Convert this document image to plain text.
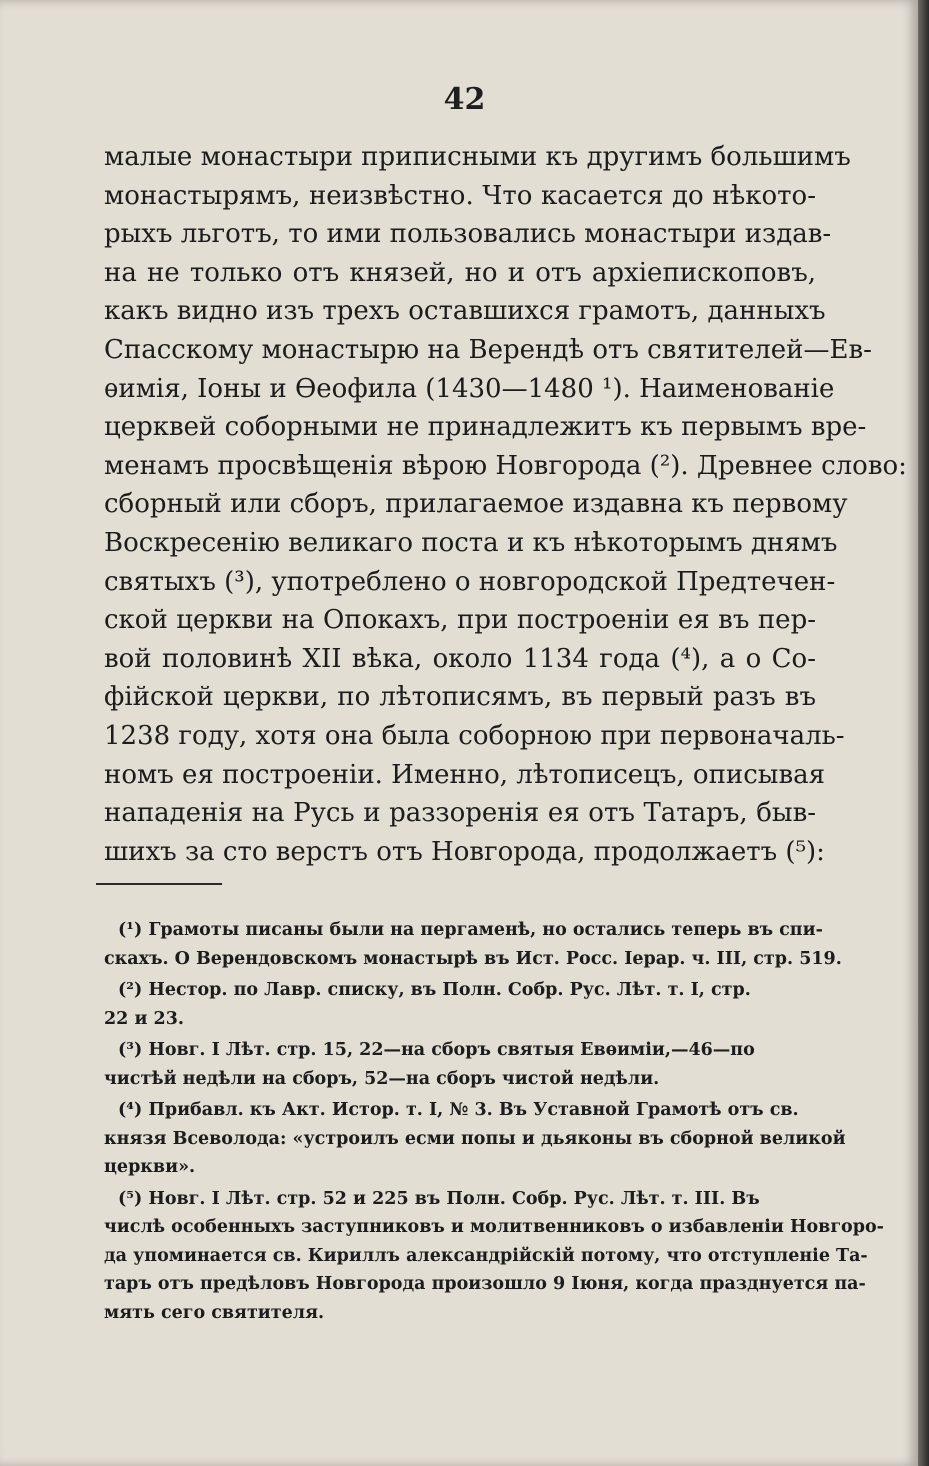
42
малые монастыри приписными къ другимъ большимъ
монастырямъ, неизвѣстно. Что касается до нѣкото-
рыхъ льготъ, то ими пользовались монастыри издав-
на не только отъ князей, но и отъ архіепископовъ,
какъ видно изъ трехъ оставшихся грамотъ, данныхъ
Спасскому монастырю на Верендѣ отъ святителей—Ев-
ѳимія, Іоны и Ѳеофила (1430—1480 ¹). Наименованіе
церквей соборными не принадлежитъ къ первымъ вре-
менамъ просвѣщенія вѣрою Новгорода (²). Древнее слово:
сборный или сборъ, прилагаемое издавна къ первому
Воскресенію великаго поста и къ нѣкоторымъ днямъ
святыхъ (³), употреблено о новгородской Предтечен-
ской церкви на Опокахъ, при построеніи ея въ пер-
вой половинѣ XII вѣка, около 1134 года (⁴), а о Со-
фійской церкви, по лѣтописямъ, въ первый разъ въ
1238 году, хотя она была соборною при первоначаль-
номъ ея построеніи. Именно, лѣтописецъ, описывая
нападенія на Русь и раззоренія ея отъ Татаръ, быв-
шихъ за сто верстъ отъ Новгорода, продолжаетъ (⁵):
(¹) Грамоты писаны были на пергаменѣ, но остались теперь въ спи-
скахъ. О Верендовскомъ монастырѣ въ Ист. Росс. Іерар. ч. III, стр. 519.
(²) Нестор. по Лавр. списку, въ Полн. Собр. Рус. Лѣт. т. I, стр.
22 и 23.
(³) Новг. I Лѣт. стр. 15, 22—на сборъ святыя Евѳиміи,—46—по
чистѣй недѣли на сборъ, 52—на сборъ чистой недѣли.
(⁴) Прибавл. къ Акт. Истор. т. I, № 3. Въ Уставной Грамотѣ отъ св.
князя Всеволода: «устроилъ есми попы и дьяконы въ сборной великой
церкви».
(⁵) Новг. I Лѣт. стр. 52 и 225 въ Полн. Собр. Рус. Лѣт. т. III. Въ
числѣ особенныхъ заступниковъ и молитвенниковъ о избавленіи Новгоро-
да упоминается св. Кириллъ александрійскій потому, что отступленіе Та-
таръ отъ предѣловъ Новгорода произошло 9 Іюня, когда празднуется па-
мять сего святителя.
